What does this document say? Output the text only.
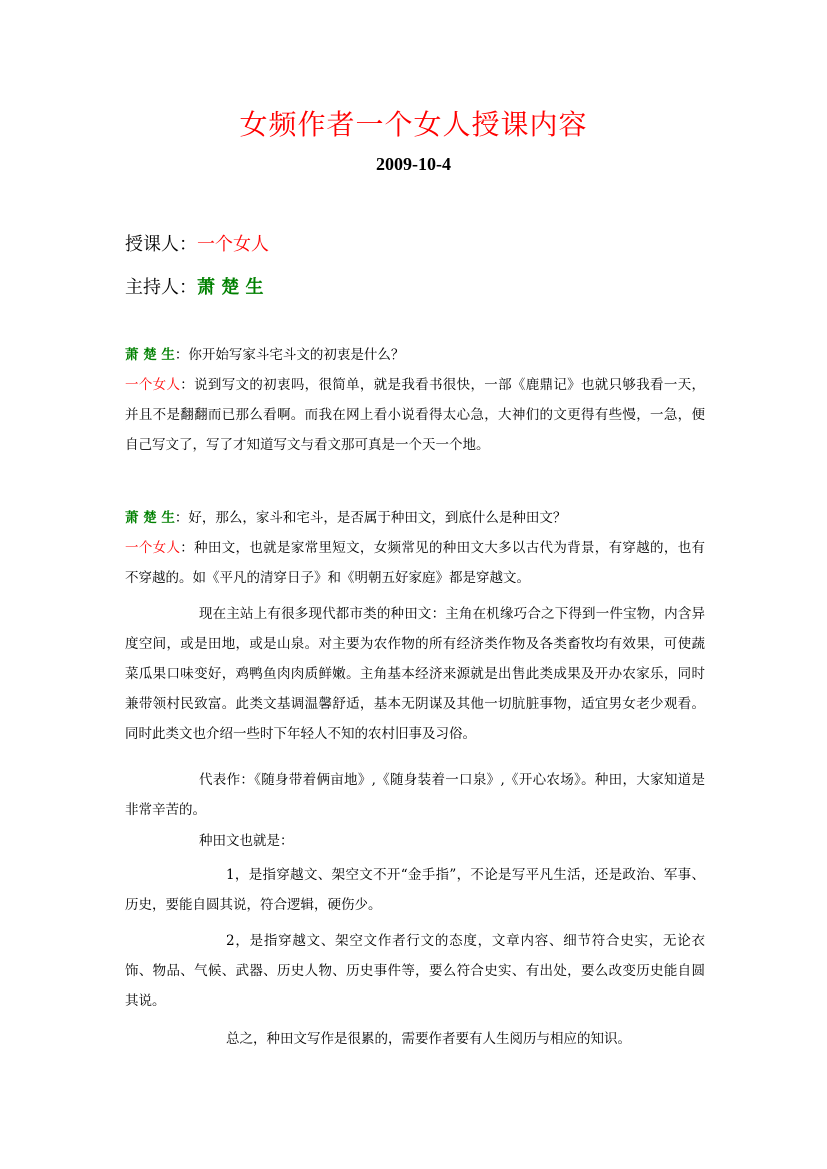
女频作者一个女人授课内容
2009-10-4
授课人：一个女人
主持人：萧 楚 生
萧 楚 生：你开始写家斗宅斗文的初衷是什么？
一个女人：说到写文的初衷吗，很简单，就是我看书很快，一部《鹿鼎记》也就只够我看一天，并且不是翻翻而已那么看啊。而我在网上看小说看得太心急，大神们的文更得有些慢，一急，便自己写文了，写了才知道写文与看文那可真是一个天一个地。
萧 楚 生：好，那么，家斗和宅斗，是否属于种田文，到底什么是种田文？
一个女人：种田文，也就是家常里短文，女频常见的种田文大多以古代为背景，有穿越的，也有不穿越的。如《平凡的清穿日子》和《明朝五好家庭》都是穿越文。
现在主站上有很多现代都市类的种田文：主角在机缘巧合之下得到一件宝物，内含异度空间，或是田地，或是山泉。对主要为农作物的所有经济类作物及各类畜牧均有效果，可使蔬菜瓜果口味变好，鸡鸭鱼肉肉质鲜嫩。主角基本经济来源就是出售此类成果及开办农家乐，同时兼带领村民致富。此类文基调温馨舒适，基本无阴谋及其他一切肮脏事物，适宜男女老少观看。同时此类文也介绍一些时下年轻人不知的农村旧事及习俗。
代表作：《随身带着俩亩地》,《随身装着一口泉》,《开心农场》。种田，大家知道是非常辛苦的。
种田文也就是：
1，是指穿越文、架空文不开“金手指”，不论是写平凡生活，还是政治、军事、历史，要能自圆其说，符合逻辑，硬伤少。
2，是指穿越文、架空文作者行文的态度，文章内容、细节符合史实，无论衣饰、物品、气候、武器、历史人物、历史事件等，要么符合史实、有出处，要么改变历史能自圆其说。
总之，种田文写作是很累的，需要作者要有人生阅历与相应的知识。
